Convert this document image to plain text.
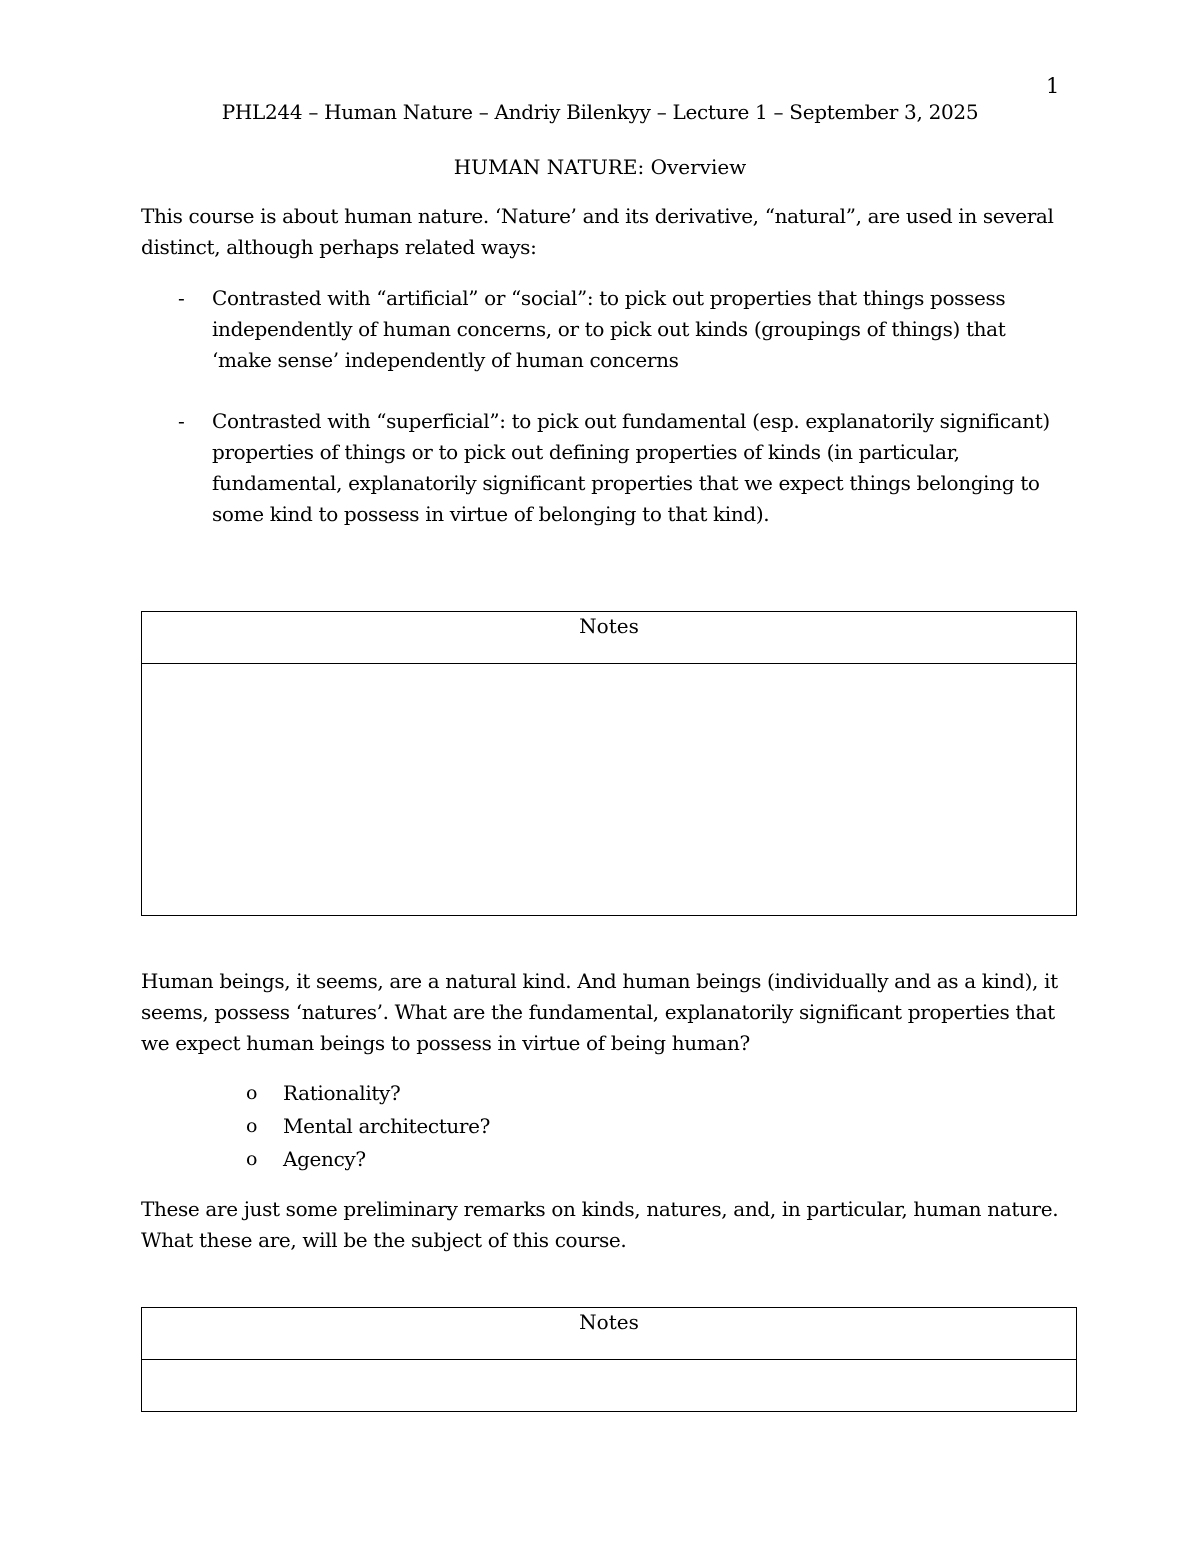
1
PHL244 – Human Nature – Andriy Bilenkyy – Lecture 1 – September 3, 2025
HUMAN NATURE: Overview

This course is about human nature. ‘Nature’ and its derivative, “natural”, are used in several distinct, although perhaps related ways:

- Contrasted with “artificial” or “social”: to pick out properties that things possess independently of human concerns, or to pick out kinds (groupings of things) that ‘make sense’ independently of human concerns
- Contrasted with “superficial”: to pick out fundamental (esp. explanatorily significant) properties of things or to pick out defining properties of kinds (in particular, fundamental, explanatorily significant properties that we expect things belonging to some kind to possess in virtue of belonging to that kind).
Notes

Human beings, it seems, are a natural kind. And human beings (individually and as a kind), it seems, possess ‘natures’. What are the fundamental, explanatorily significant properties that we expect human beings to possess in virtue of being human?

o Rationality?
o Mental architecture?
o Agency?

These are just some preliminary remarks on kinds, natures, and, in particular, human nature. What these are, will be the subject of this course.

Notes
